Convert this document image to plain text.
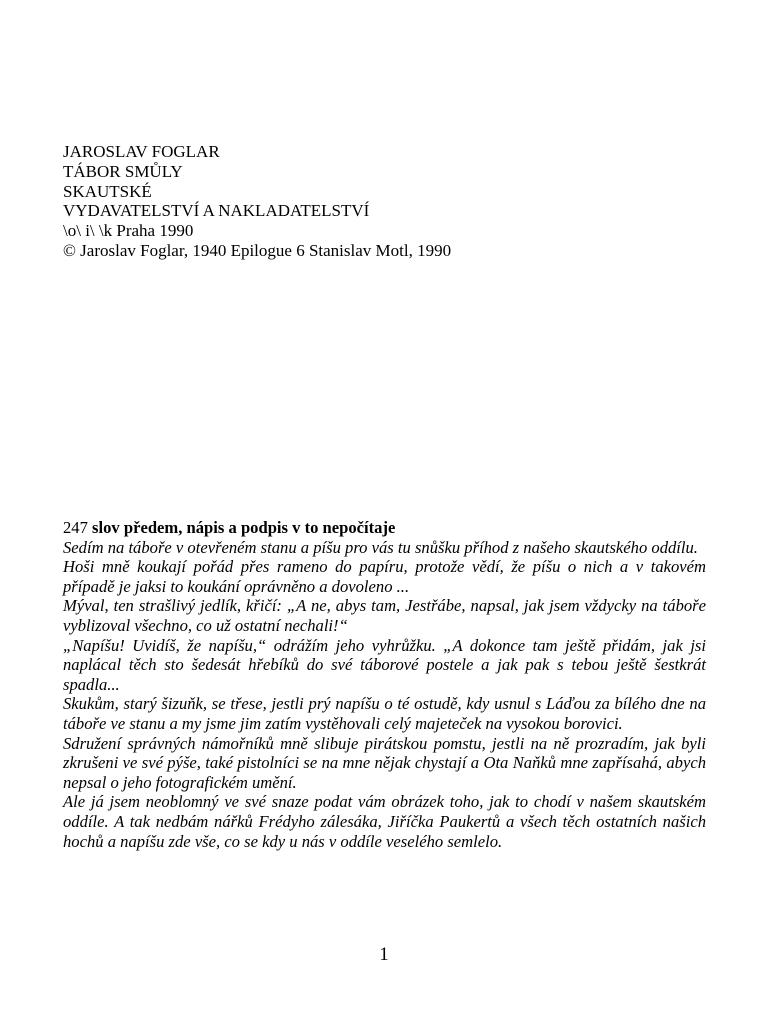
JAROSLAV FOGLAR
TÁBOR SMŮLY
SKAUTSKÉ
VYDAVATELSTVÍ A NAKLADATELSTVÍ
\o\ i\ \k Praha 1990
© Jaroslav Foglar, 1940 Epilogue 6 Stanislav Motl, 1990
247 slov předem, nápis a podpis v to nepočítaje

Sedím na táboře v otevřeném stanu a píšu pro vás tu snůšku příhod z našeho skautského oddílu.

Hoši mně koukají pořád přes rameno do papíru, protože vědí, že píšu o nich a v takovém případě je jaksi to koukání oprávněno a dovoleno ...

Mýval, ten strašlivý jedlík, křičí: „A ne, abys tam, Jestřábe, napsal, jak jsem vždycky na táboře vyblizoval všechno, co už ostatní nechali!“

„Napíšu! Uvidíš, že napíšu,“ odrážím jeho vyhrůžku. „A dokonce tam ještě přidám, jak jsi naplácal těch sto šedesát hřebíků do své táborové postele a jak pak s tebou ještě šestkrát spadla...

Skukům, starý šizuňk, se třese, jestli prý napíšu o té ostudě, kdy usnul s Láďou za bílého dne na táboře ve stanu a my jsme jim zatím vystěhovali celý majeteček na vysokou borovici.

Sdružení správných námořníků mně slibuje pirátskou pomstu, jestli na ně prozradím, jak byli zkrušeni ve své pýše, také pistolníci se na mne nějak chystají a Ota Naňků mne zapřísahá, abych nepsal o jeho fotografickém umění.

Ale já jsem neoblomný ve své snaze podat vám obrázek toho, jak to chodí v našem skautském oddíle. A tak nedbám nářků Frédyho zálesáka, Jiříčka Paukertů a všech těch ostatních našich hochů a napíšu zde vše, co se kdy u nás v oddíle veselého semlelo.

1
